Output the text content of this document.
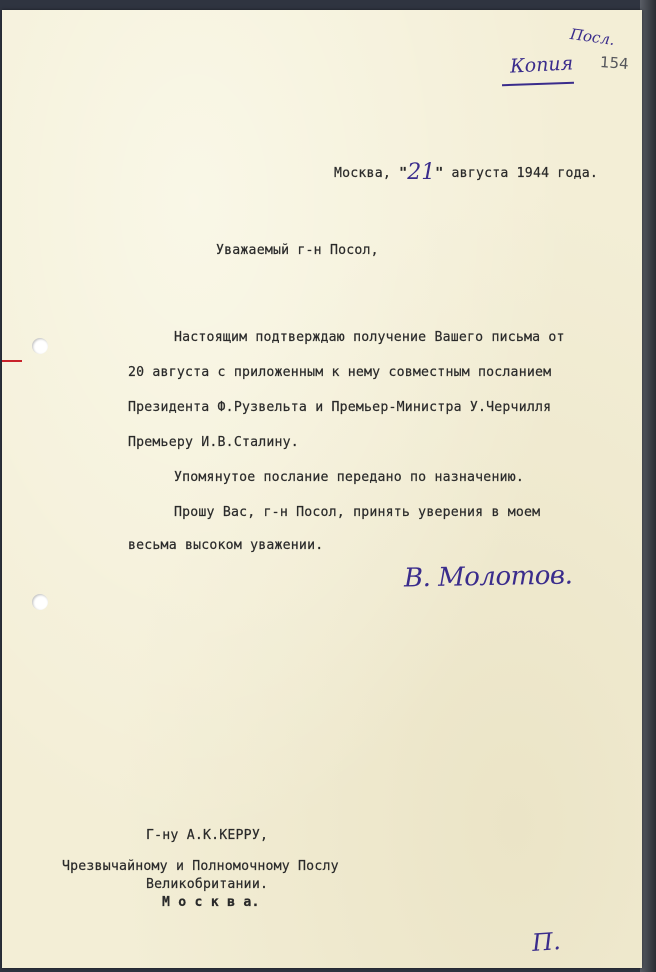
Копия
Посл.
154
Москва, "21" августа 1944 года.
Уважаемый г-н Посол,
Настоящим подтверждаю получение Вашего письма от
20 августа с приложенным к нему совместным посланием
Президента Ф.Рузвельта и Премьер-Министра У.Черчилля
Премьеру И.В.Сталину.
Упомянутое послание передано по назначению.
Прошу Вас, г-н Посол, принять уверения в моем
весьма высоком уважении.
В. Молотов.
Г-ну А.К.КЕРРУ,
Чрезвычайному и Полномочному Послу
Великобритании.
М о с к в а.
П.
